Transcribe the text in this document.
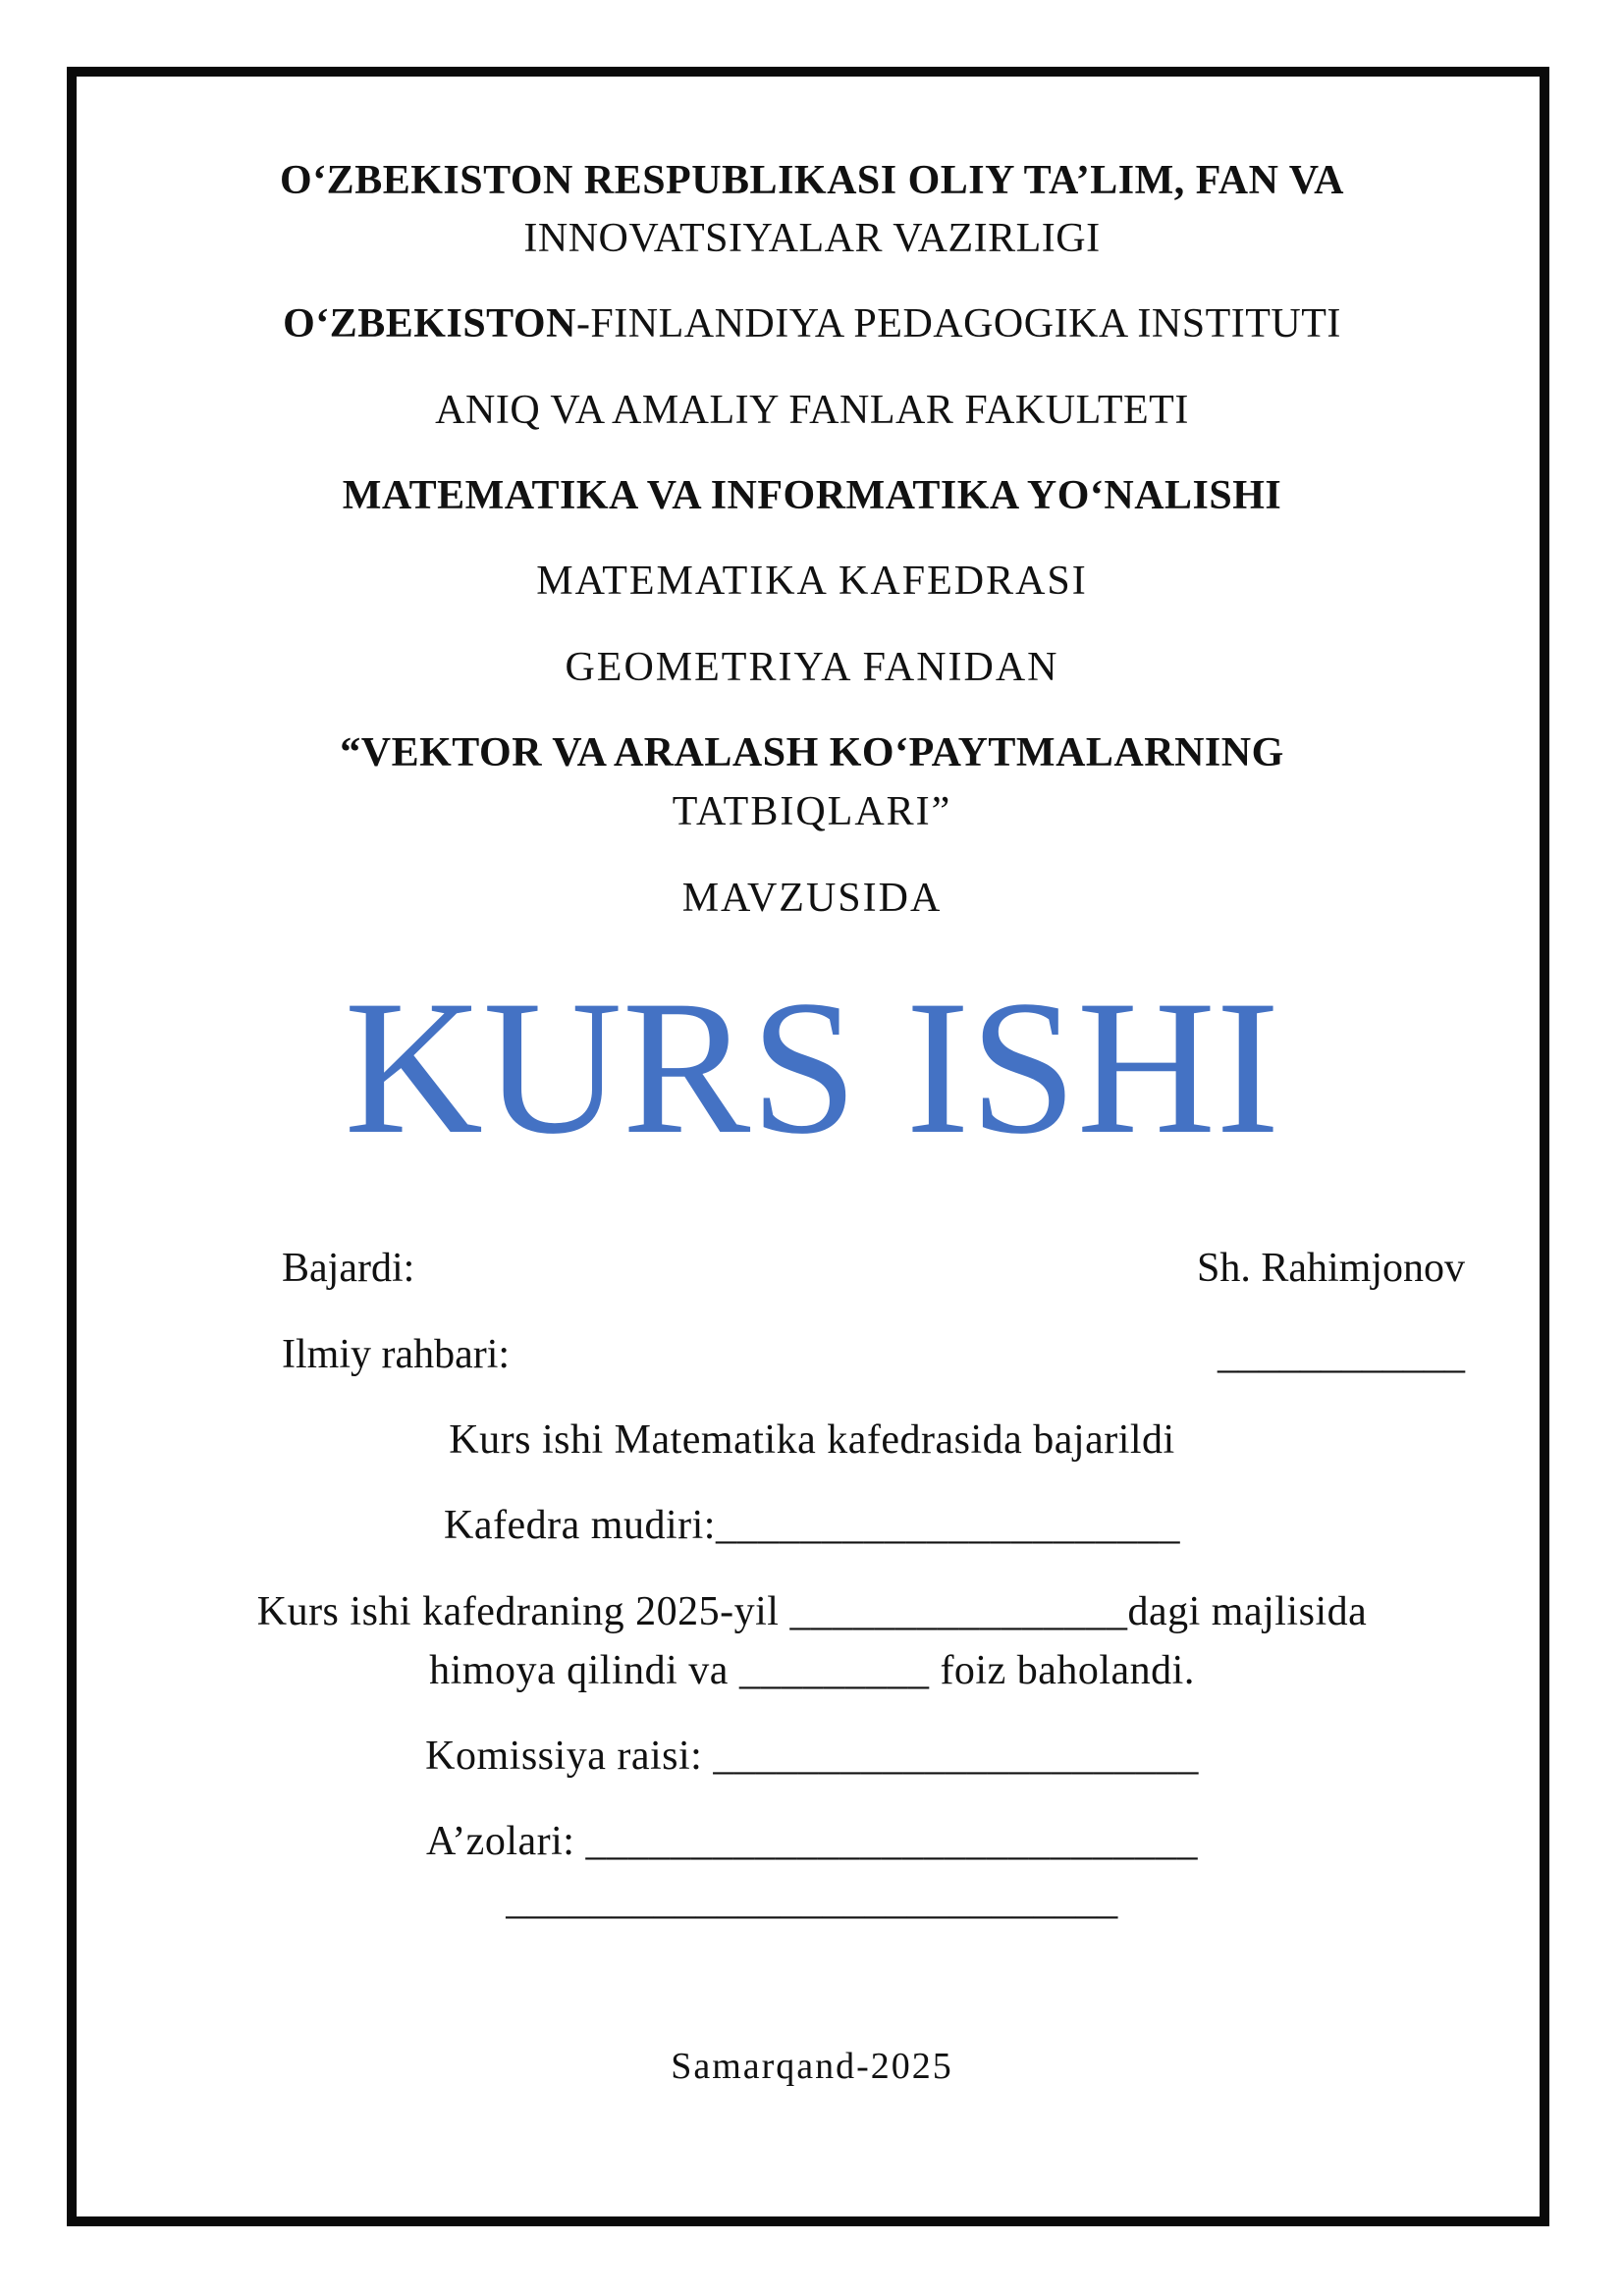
O‘ZBEKISTON RESPUBLIKASI OLIY TA’LIM, FAN VA
INNOVATSIYALAR VAZIRLIGI
O‘ZBEKISTON-FINLANDIYA PEDAGOGIKA INSTITUTI
ANIQ VA AMALIY FANLAR FAKULTETI
MATEMATIKA VA INFORMATIKA YO‘NALISHI
MATEMATIKA KAFEDRASI
GEOMETRIYA FANIDAN
“VEKTOR VA ARALASH KO‘PAYTMALARNING
TATBIQLARI”
MAVZUSIDA
KURS ISHI
Bajardi:	Sh. Rahimjonov
Ilmiy rahbari:	____________
Kurs ishi Matematika kafedrasida bajarildi
Kafedra mudiri:______________________
Kurs ishi kafedraning 2025-yil ________________dagi majlisida
himoya qilindi va _________ foiz baholandi.
Komissiya raisi: _______________________
A’zolari: _____________________________
_____________________________
Samarqand-2025
